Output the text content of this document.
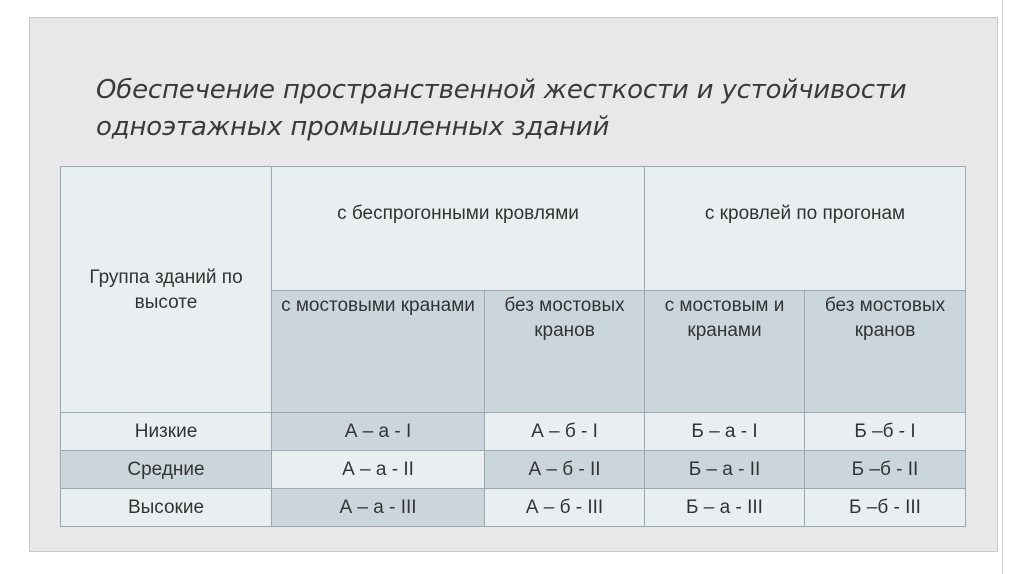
Обеспечение пространственной жесткости и устойчивости одноэтажных промышленных зданий
Группа зданий по высоте	с беспрогонными кровлями		с кровлей по прогонам	
	с мостовыми кранами	без мостовых кранов	с мостовым и кранами	без мостовых кранов
Низкие	А – а - I	А – б - I	Б – а - I	Б –б - I
Средние	А – а - II	А – б - II	Б – а - II	Б –б - II
Высокие	А – а - III	А – б - III	Б – а - III	Б –б - III
